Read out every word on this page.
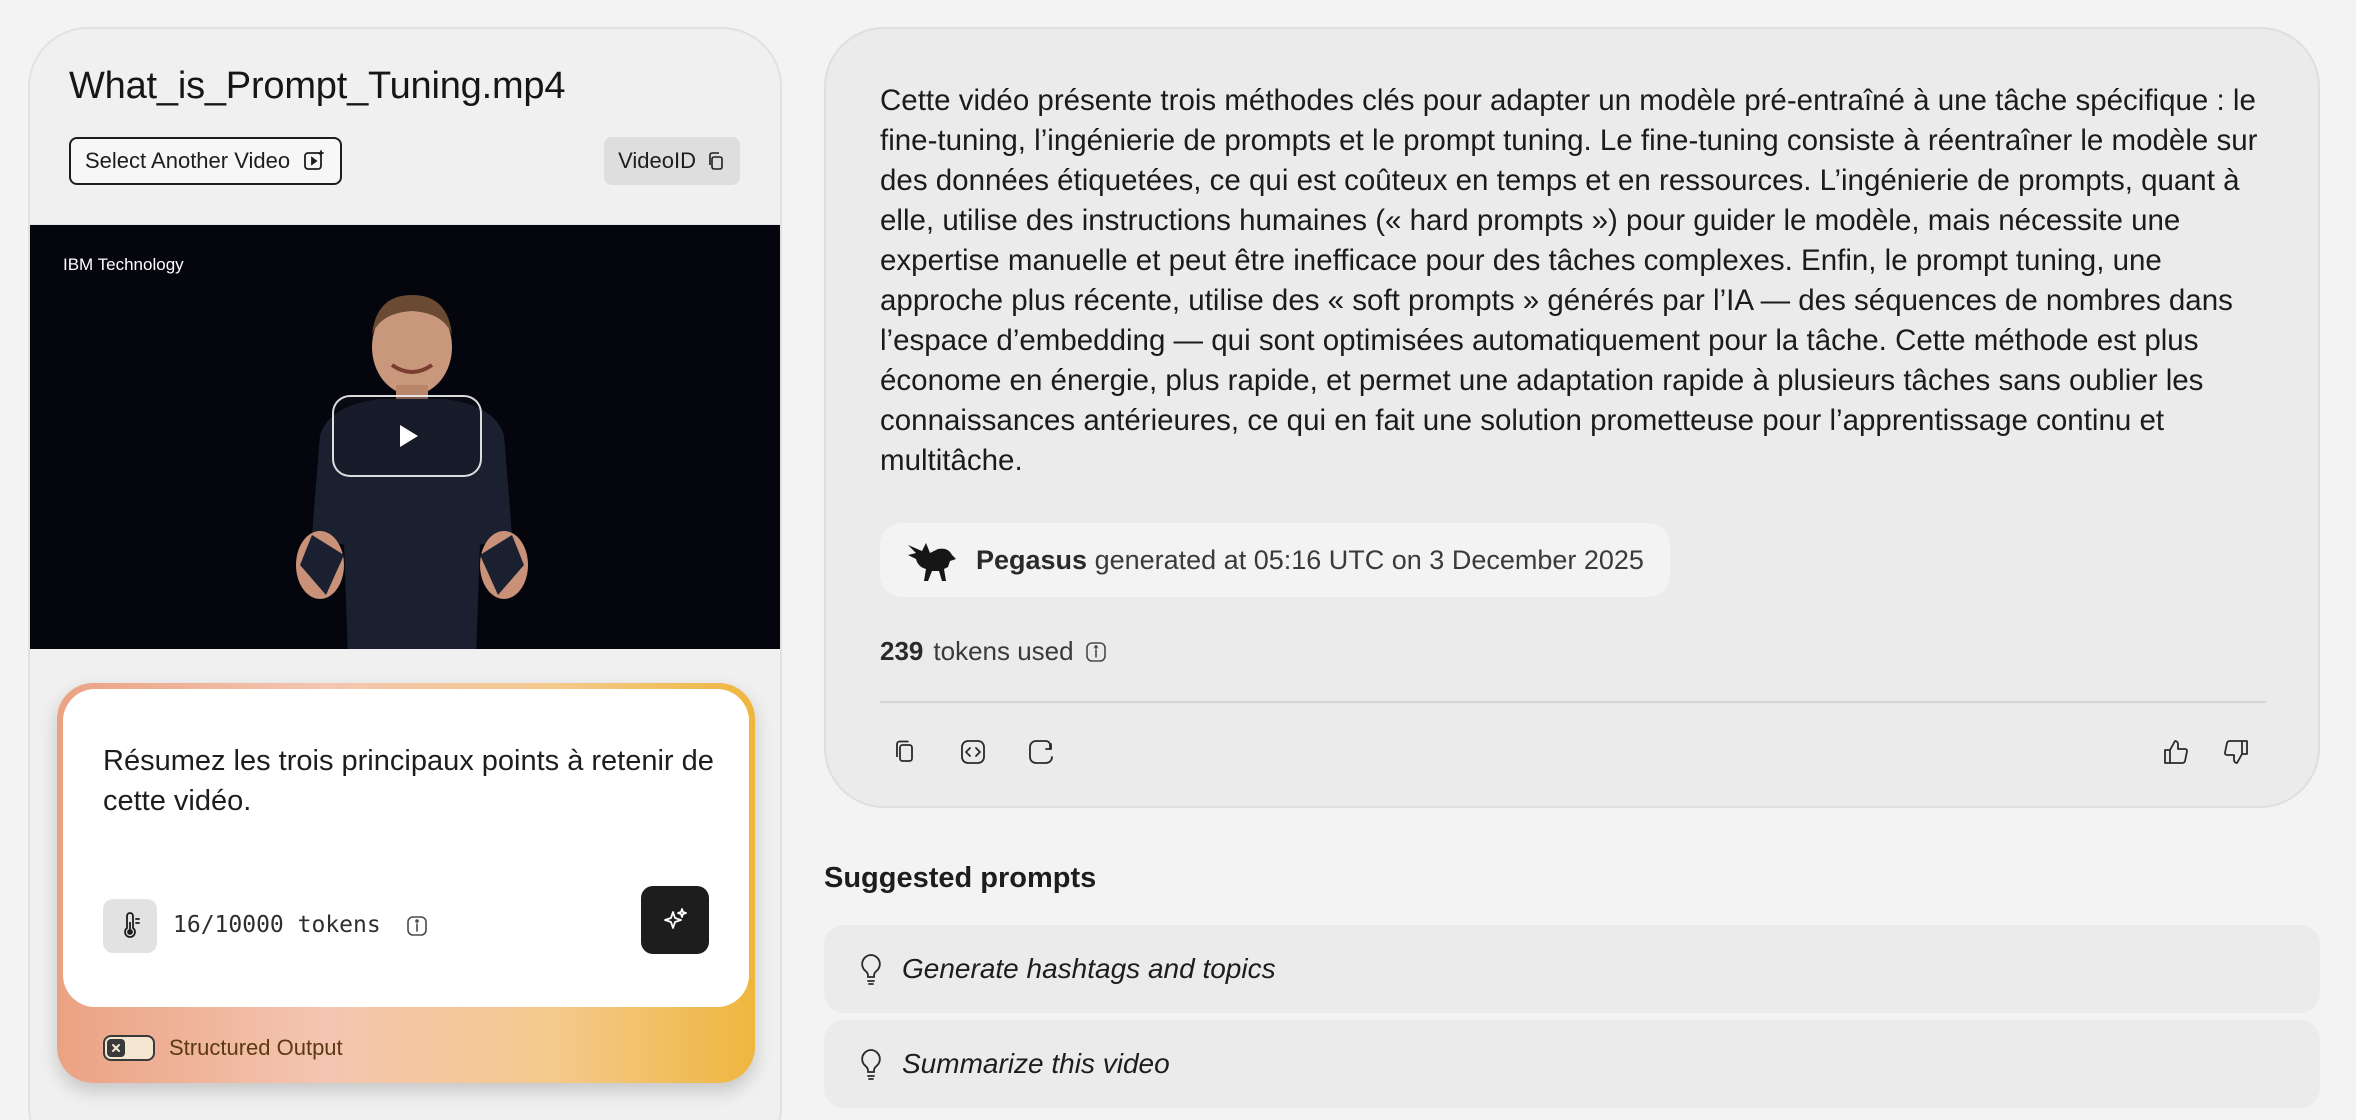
What_is_Prompt_Tuning.mp4
Select Another Video	VideoID
IBM Technology
Résumez les trois principaux points à retenir de cette vidéo.
16/10000 tokens
Structured Output
Cette vidéo présente trois méthodes clés pour adapter un modèle pré-entraîné à une tâche spécifique : le fine-tuning, l’ingénierie de prompts et le prompt tuning. Le fine-tuning consiste à réentraîner le modèle sur des données étiquetées, ce qui est coûteux en temps et en ressources. L’ingénierie de prompts, quant à elle, utilise des instructions humaines (« hard prompts ») pour guider le modèle, mais nécessite une expertise manuelle et peut être inefficace pour des tâches complexes. Enfin, le prompt tuning, une approche plus récente, utilise des « soft prompts » générés par l’IA — des séquences de nombres dans l’espace d’embedding — qui sont optimisées automatiquement pour la tâche. Cette méthode est plus économe en énergie, plus rapide, et permet une adaptation rapide à plusieurs tâches sans oublier les connaissances antérieures, ce qui en fait une solution prometteuse pour l’apprentissage continu et multitâche.
Pegasus generated at 05:16 UTC on 3 December 2025
239 tokens used
Suggested prompts
Generate hashtags and topics
Summarize this video
